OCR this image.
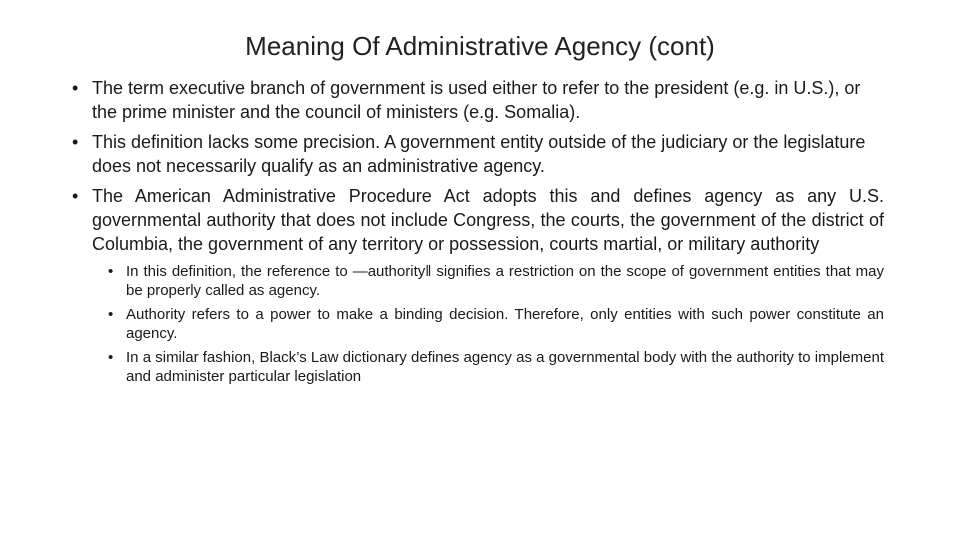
Meaning Of Administrative Agency (cont)
• The term executive branch of government is used either to refer to the president (e.g. in U.S.), or the prime minister and the council of ministers (e.g. Somalia).
• This definition lacks some precision. A government entity outside of the judiciary or the legislature does not necessarily qualify as an administrative agency.
• The American Administrative Procedure Act adopts this and defines agency as any U.S. governmental authority that does not include Congress, the courts, the government of the district of Columbia, the government of any territory or possession, courts martial, or military authority
• In this definition, the reference to ―authority‖ signifies a restriction on the scope of government entities that may be properly called as agency.
• Authority refers to a power to make a binding decision. Therefore, only entities with such power constitute an agency.
• In a similar fashion, Black’s Law dictionary defines agency as a governmental body with the authority to implement and administer particular legislation
